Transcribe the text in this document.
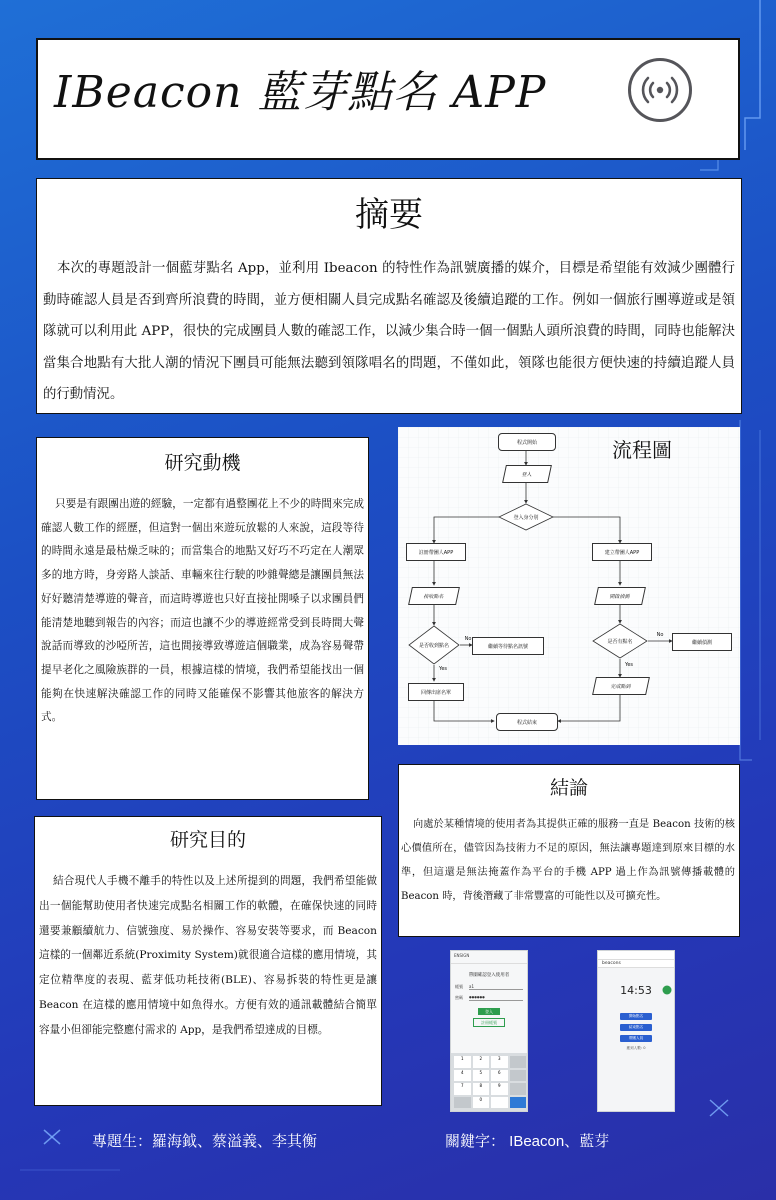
IBeacon 藍芽點名 APP
摘要

本次的專題設計一個藍芽點名 App，並利用 Ibeacon 的特性作為訊號廣播的媒介，目標是希望能有效減少團體行動時確認人員是否到齊所浪費的時間，並方便相關人員完成點名確認及後續追蹤的工作。例如一個旅行團導遊或是領隊就可以利用此 APP，很快的完成團員人數的確認工作，以減少集合時一個一個點人頭所浪費的時間，同時也能解決當集合地點有大批人潮的情況下團員可能無法聽到領隊唱名的問題，不僅如此，領隊也能很方便快速的持續追蹤人員的行動情況。

研究動機

只要是有跟團出遊的經驗，一定都有過整團花上不少的時間來完成確認人數工作的經歷，但這對一個出來遊玩放鬆的人來說，這段等待的時間永遠是最枯燥乏味的；而當集合的地點又好巧不巧定在人潮眾多的地方時，身旁路人談話、車輛來往行駛的吵雜聲總是讓團員無法好好聽清楚導遊的聲音，而這時導遊也只好直接扯開嗓子以求團員們能清楚地聽到報告的內容；而這也讓不少的導遊經常受到長時間大聲說話而導致的沙啞所苦，這也間接導致導遊這個職業，成為容易聲帶提早老化之風險族群的一員，根據這樣的情境，我們希望能找出一個能夠在快速解決確認工作的同時又能確保不影響其他旅客的解決方式。

流程圖
程式開始
登入
登入身分別
註冊帶團人APP	建立帶團人APP
接收點名	開啟偵測
是否收到點名
是否有點名
繼續等待點名訊號
繼續偵測
No
No
Yes
Yes
回傳出席名單
完成點到
程式結束
結論

向處於某種情境的使用者為其提供正確的服務一直是 Beacon 技術的核心價值所在，儘管因為技術力不足的原因，無法讓專題達到原來目標的水準，但這還是無法掩蓋作為平台的手機 APP 過上作為訊號傳播載體的 Beacon 時，背後潛藏了非常豐富的可能性以及可擴充性。

研究目的

結合現代人手機不離手的特性以及上述所提到的問題，我們希望能做出一個能幫助使用者快速完成點名相關工作的軟體，在確保快速的同時還要兼顧續航力、信號強度、易於操作、容易安裝等要求，而 Beacon 這樣的一個鄰近系統(Proximity System)就很適合這樣的應用情境，其定位精準度的表現、藍芽低功耗技術(BLE)、容易拆裝的特性更是讓 Beacon 在這樣的應用情境中如魚得水。方便有效的通訊載體結合簡單容量小但卻能完整應付需求的 App，是我們希望達成的目標。

ENSIGN
帶團確認登入使用者
帳號	a1
密碼	●●●●●●
登入
註冊帳號
1	2	3
4	5	6
7	8	9
0
beacons
14:53
開始點名
結束點名
帶團人員
應到人數: 0
專題生：羅海鉞、蔡溢義、李其衡	關鍵字： IBeacon、藍芽
